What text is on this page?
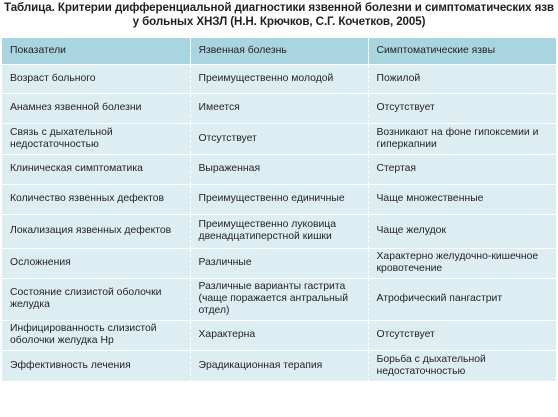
Таблица. Критерии дифференциальной диагностики язвенной болезни и симптоматических язв
у больных ХНЗЛ (Н.Н. Крючков, С.Г. Кочетков, 2005)
Показатели	Язвенная болезнь	Симптоматические язвы
Возраст больного	Преимущественно молодой	Пожилой
Анамнез язвенной болезни	Имеется	Отсутствует
Связь с дыхательной недостаточностью	Отсутствует	Возникают на фоне гипоксемии и гиперкапнии
Клиническая симптоматика	Выраженная	Стертая
Количество язвенных дефектов	Преимущественно единичные	Чаще множественные
Локализация язвенных дефектов	Преимущественно луковица двенадцатиперстной кишки	Чаще желудок
Осложнения	Различные	Характерно желудочно-кишечное кровотечение
Состояние слизистой оболочки желудка	Различные варианты гастрита (чаще поражается антральный отдел)	Атрофический пангастрит
Инфицированность слизистой оболочки желудка Hp	Характерна	Отсутствует
Эффективность лечения	Эрадикационная терапия	Борьба с дыхательной недостаточностью
